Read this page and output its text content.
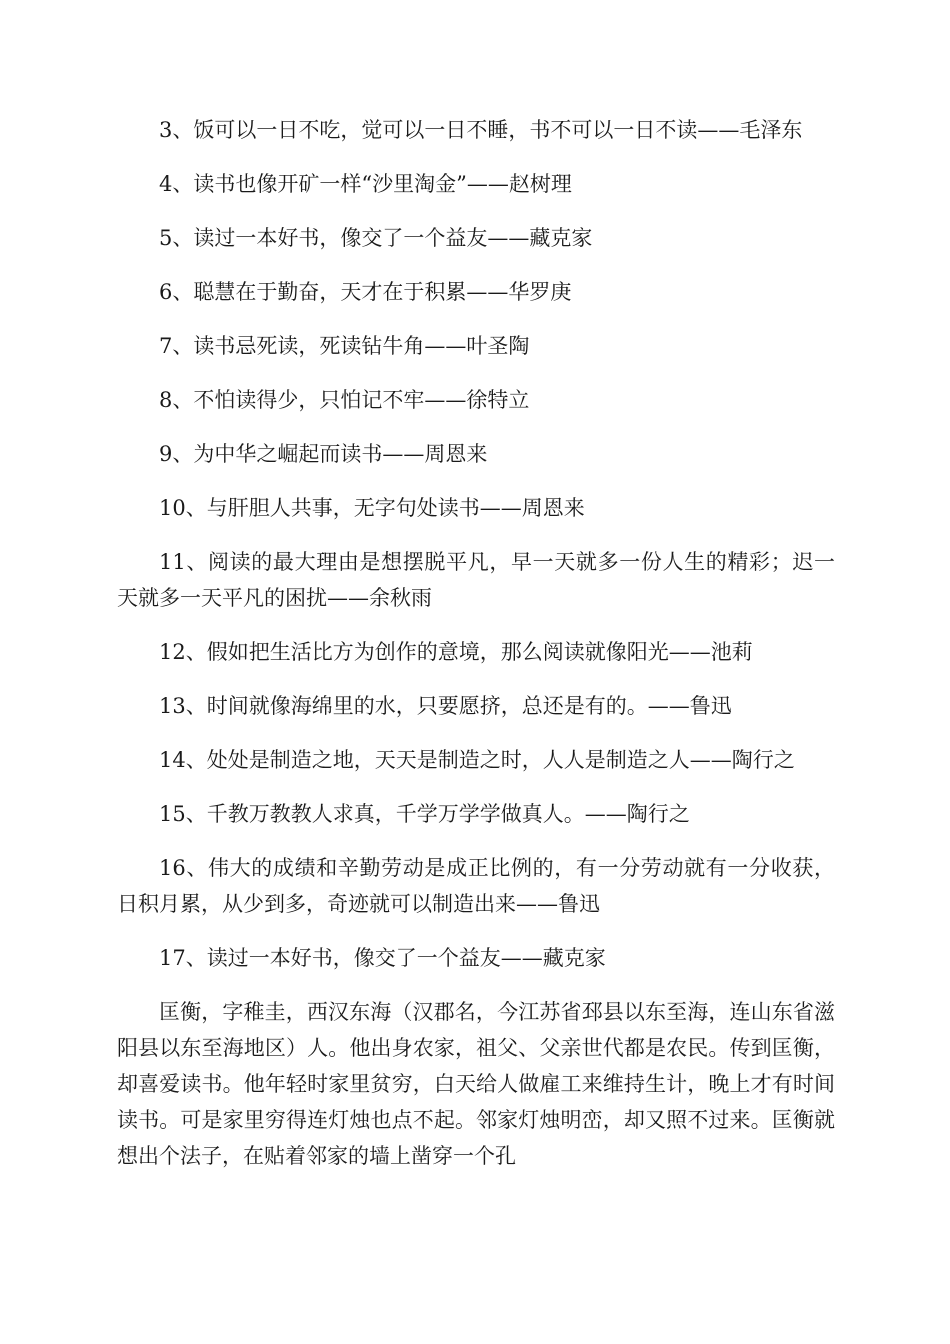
3、饭可以一日不吃，觉可以一日不睡，书不可以一日不读——毛泽东

4、读书也像开矿一样“沙里淘金”——赵树理

5、读过一本好书，像交了一个益友——藏克家

6、聪慧在于勤奋，天才在于积累——华罗庚

7、读书忌死读，死读钻牛角——叶圣陶

8、不怕读得少，只怕记不牢——徐特立

9、为中华之崛起而读书——周恩来

10、与肝胆人共事，无字句处读书——周恩来

11、阅读的最大理由是想摆脱平凡，早一天就多一份人生的精彩；迟一天就多一天平凡的困扰——余秋雨

12、假如把生活比方为创作的意境，那么阅读就像阳光——池莉

13、时间就像海绵里的水，只要愿挤，总还是有的。——鲁迅

14、处处是制造之地，天天是制造之时，人人是制造之人——陶行之

15、千教万教教人求真，千学万学学做真人。——陶行之

16、伟大的成绩和辛勤劳动是成正比例的，有一分劳动就有一分收获，日积月累，从少到多，奇迹就可以制造出来——鲁迅

17、读过一本好书，像交了一个益友——藏克家

匡衡，字稚圭，西汉东海（汉郡名，今江苏省邳县以东至海，连山东省滋阳县以东至海地区）人。他出身农家，祖父、父亲世代都是农民。传到匡衡，却喜爱读书。他年轻时家里贫穷，白天给人做雇工来维持生计，晚上才有时间读书。可是家里穷得连灯烛也点不起。邻家灯烛明峦，却又照不过来。匡衡就想出个法子，在贴着邻家的墙上凿穿一个孔
